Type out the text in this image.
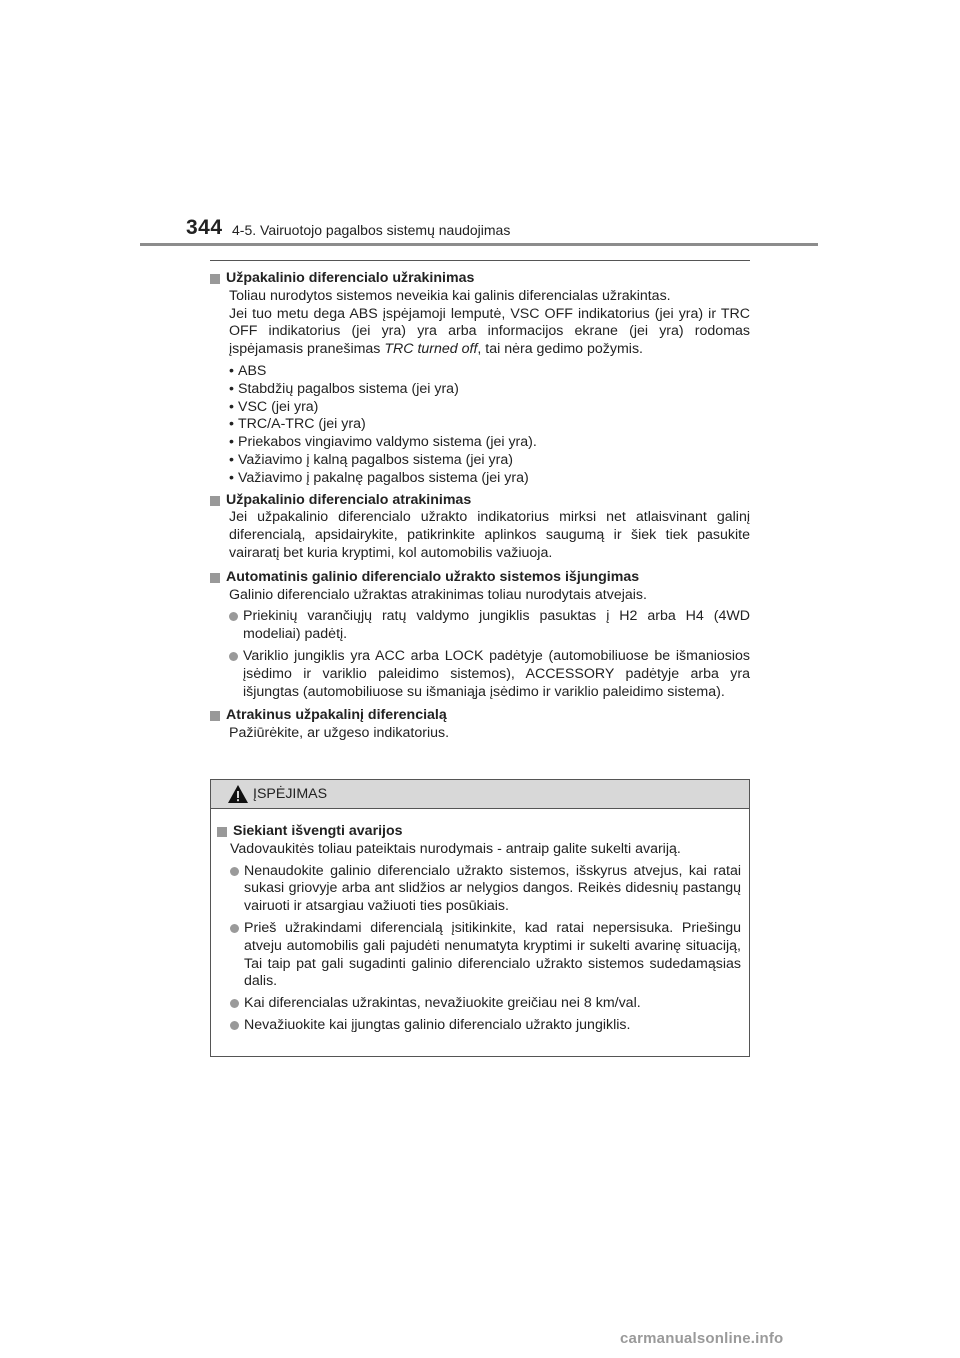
344 4-5. Vairuotojo pagalbos sistemų naudojimas
Užpakalinio diferencialo užrakinimas
Toliau nurodytos sistemos neveikia kai galinis diferencialas užrakintas.
Jei tuo metu dega ABS įspėjamoji lemputė, VSC OFF indikatorius (jei yra) ir TRC OFF indikatorius (jei yra) yra arba informacijos ekrane (jei yra) rodomas įspėjamasis pranešimas TRC turned off, tai nėra gedimo požymis.
• ABS
• Stabdžių pagalbos sistema (jei yra)
• VSC (jei yra)
• TRC/A-TRC (jei yra)
• Priekabos vingiavimo valdymo sistema (jei yra).
• Važiavimo į kalną pagalbos sistema (jei yra)
• Važiavimo į pakalnę pagalbos sistema (jei yra)
Užpakalinio diferencialo atrakinimas
Jei užpakalinio diferencialo užrakto indikatorius mirksi net atlaisvinant galinį diferencialą, apsidairykite, patikrinkite aplinkos saugumą ir šiek tiek pasukite vairaratį bet kuria kryptimi, kol automobilis važiuoja.
Automatinis galinio diferencialo užrakto sistemos išjungimas
Galinio diferencialo užraktas atrakinimas toliau nurodytais atvejais.
Priekinių varančiųjų ratų valdymo jungiklis pasuktas į H2 arba H4 (4WD modeliai) padėtį.
Variklio jungiklis yra ACC arba LOCK padėtyje (automobiliuose be išmaniosios įsėdimo ir variklio paleidimo sistemos), ACCESSORY padėtyje arba yra išjungtas (automobiliuose su išmaniąja įsėdimo ir variklio paleidimo sistema).
Atrakinus užpakalinį diferencialą
Pažiūrėkite, ar užgeso indikatorius.
ĮSPĖJIMAS
Siekiant išvengti avarijos
Vadovaukitės toliau pateiktais nurodymais - antraip galite sukelti avariją.
Nenaudokite galinio diferencialo užrakto sistemos, išskyrus atvejus, kai ratai sukasi griovyje arba ant slidžios ar nelygios dangos. Reikės didesnių pastangų vairuoti ir atsargiau važiuoti ties posūkiais.
Prieš užrakindami diferencialą įsitikinkite, kad ratai nepersisuka. Priešingu atveju automobilis gali pajudėti nenumatyta kryptimi ir sukelti avarinę situaciją, Tai taip pat gali sugadinti galinio diferencialo užrakto sistemos sudedamąsias dalis.
Kai diferencialas užrakintas, nevažiuokite greičiau nei 8 km/val.
Nevažiuokite kai įjungtas galinio diferencialo užrakto jungiklis.
carmanualsonline.info
